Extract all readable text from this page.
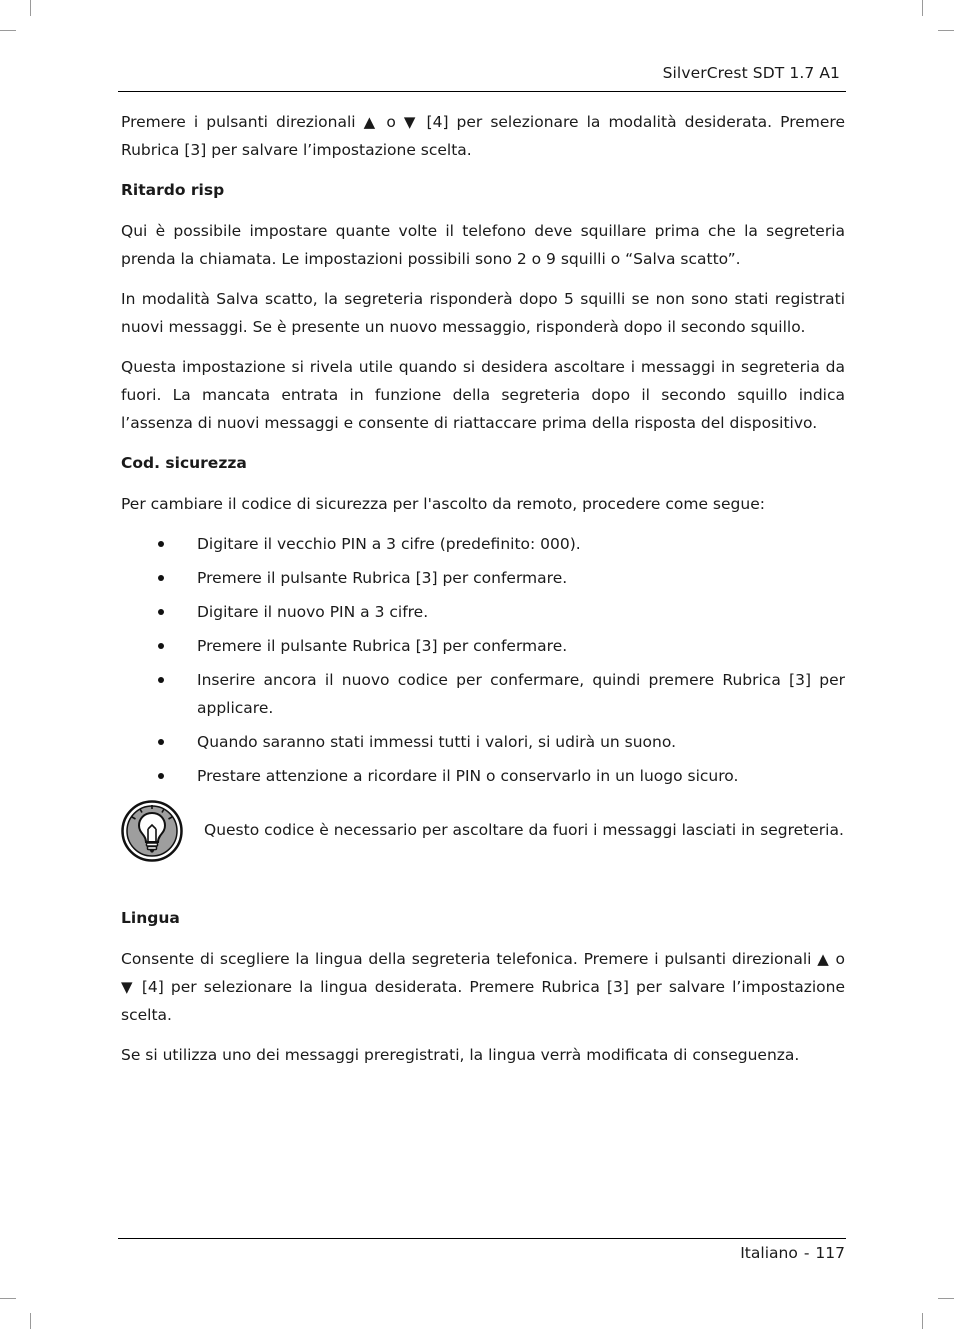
SilverCrest SDT 1.7 A1

Premere i pulsanti direzionali ▲ o ▼ [4] per selezionare la modalità desiderata. Premere Rubrica [3] per salvare l’impostazione scelta.

Ritardo risp

Qui è possibile impostare quante volte il telefono deve squillare prima che la segreteria prenda la chiamata. Le impostazioni possibili sono 2 o 9 squilli o “Salva scatto”.

In modalità Salva scatto, la segreteria risponderà dopo 5 squilli se non sono stati registrati nuovi messaggi. Se è presente un nuovo messaggio, risponderà dopo il secondo squillo.

Questa impostazione si rivela utile quando si desidera ascoltare i messaggi in segreteria da fuori. La mancata entrata in funzione della segreteria dopo il secondo squillo indica l’assenza di nuovi messaggi e consente di riattaccare prima della risposta del dispositivo.

Cod. sicurezza

Per cambiare il codice di sicurezza per l'ascolto da remoto, procedere come segue:

Digitare il vecchio PIN a 3 cifre (predefinito: 000).
Premere il pulsante Rubrica [3] per confermare.
Digitare il nuovo PIN a 3 cifre.
Premere il pulsante Rubrica [3] per confermare.
Inserire ancora il nuovo codice per confermare, quindi premere Rubrica [3] per applicare.
Quando saranno stati immessi tutti i valori, si udirà un suono.
Prestare attenzione a ricordare il PIN o conservarlo in un luogo sicuro.
Questo codice è necessario per ascoltare da fuori i messaggi lasciati in segreteria.
Lingua

Consente di scegliere la lingua della segreteria telefonica. Premere i pulsanti direzionali ▲ o ▼ [4] per selezionare la lingua desiderata. Premere Rubrica [3] per salvare l’impostazione scelta.

Se si utilizza uno dei messaggi preregistrati, la lingua verrà modificata di conseguenza.

Italiano - 117
